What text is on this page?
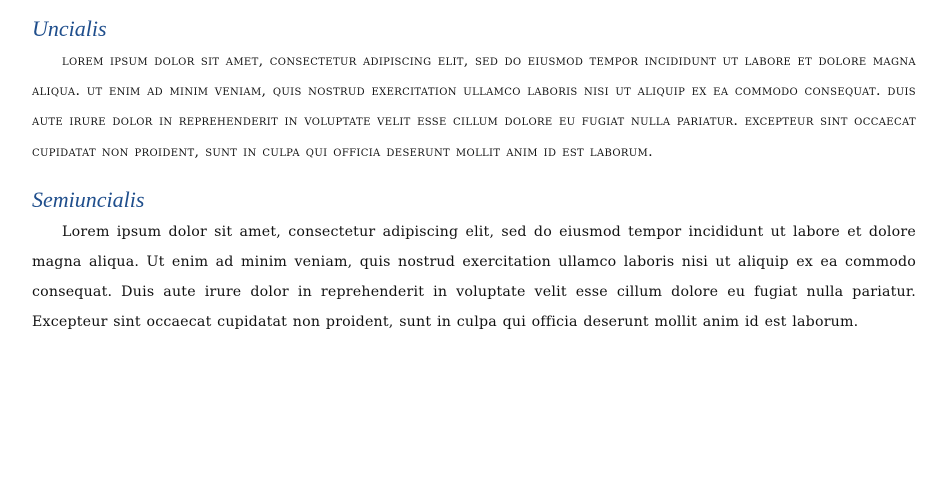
Uncialis

lorem ipsum dolor sit amet, consectetur adipiscing elit, sed do eiusmod tempor incididunt ut labore et dolore magna aliqua. ut enim ad minim veniam, quis nostrud exercitation ullamco laboris nisi ut aliquip ex ea commodo consequat. duis aute irure dolor in reprehenderit in voluptate velit esse cillum dolore eu fugiat nulla pariatur. excepteur sint occaecat cupidatat non proident, sunt in culpa qui officia deserunt mollit anim id est laborum.

Semiuncialis

Lorem ipsum dolor sit amet, consectetur adipiscing elit, sed do eiusmod tempor incididunt ut labore et dolore magna aliqua. Ut enim ad minim veniam, quis nostrud exercitation ullamco laboris nisi ut aliquip ex ea commodo consequat. Duis aute irure dolor in reprehenderit in voluptate velit esse cillum dolore eu fugiat nulla pariatur. Excepteur sint occaecat cupidatat non proident, sunt in culpa qui officia deserunt mollit anim id est laborum.
